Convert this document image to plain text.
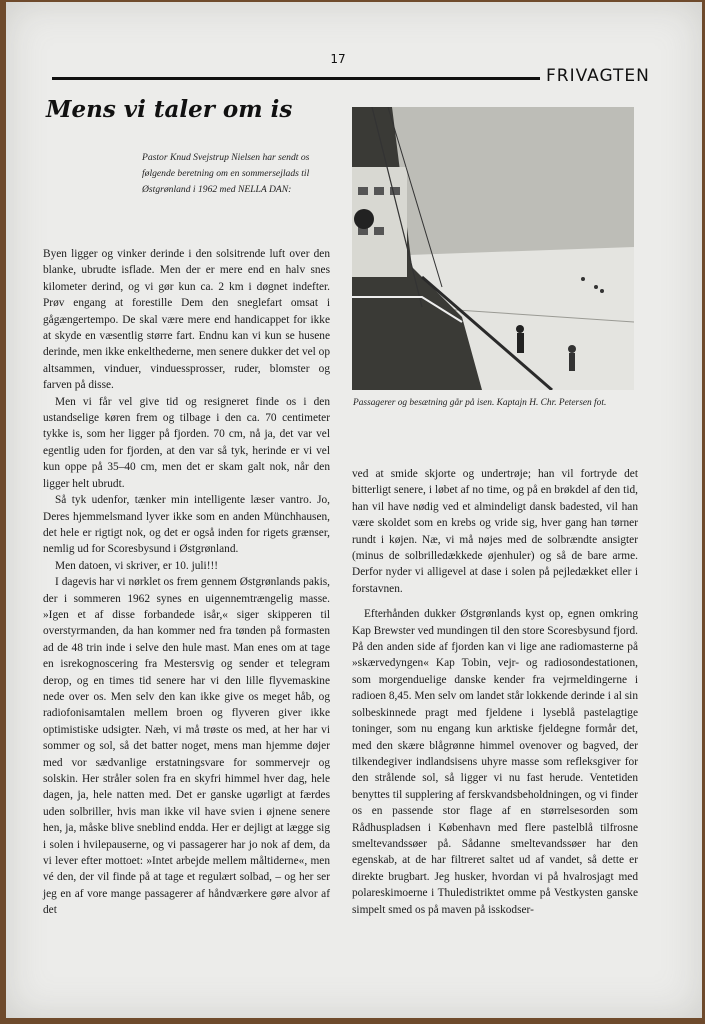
17
FRIVAGTEN
Mens vi taler om is

Pastor Knud Svejstrup Nielsen har sendt os følgende beretning om en sommersejlads til Østgrønland i 1962 med NELLA DAN:

Byen ligger og vinker derinde i den solsitrende luft over den blanke, ubrudte isflade. Men der er mere end en halv snes kilometer derind, og vi gør kun ca. 2 km i døgnet indefter. Prøv engang at forestille Dem den sneglefart omsat i gågængertempo. De skal være mere end handicappet for ikke at skyde en væsentlig større fart. Endnu kan vi kun se husene derinde, men ikke enkelthederne, men senere dukker det vel op altsammen, vinduer, vinduessprosser, ruder, blomster og farven på disse.

Men vi får vel give tid og resigneret finde os i den ustandselige køren frem og tilbage i den ca. 70 centimeter tykke is, som her ligger på fjorden. 70 cm, nå ja, det var vel egentlig uden for fjorden, at den var så tyk, herinde er vi vel kun oppe på 35–40 cm, men det er skam galt nok, når den ligger helt ubrudt.

Så tyk udenfor, tænker min intelligente læser vantro. Jo, Deres hjemmelsmand lyver ikke som en anden Münchhausen, det hele er rigtigt nok, og det er også inden for rigets grænser, nemlig ud for Scoresbysund i Østgrønland.

Men datoen, vi skriver, er 10. juli!!!

I dagevis har vi nørklet os frem gennem Østgrønlands pakis, der i sommeren 1962 synes en uigennemtrængelig masse. »Igen et af disse forbandede isår,« siger skipperen til overstyrmanden, da han kommer ned fra tønden på formasten ad de 48 trin inde i selve den hule mast. Man enes om at tage en isrekognoscering fra Mestersvig og sender et telegram derop, og en times tid senere har vi den lille flyvemaskine nede over os. Men selv den kan ikke give os meget håb, og radiofonisamtalen mellem broen og flyveren giver ikke optimistiske udsigter. Næh, vi må trøste os med, at her har vi sommer og sol, så det batter noget, mens man hjemme døjer med vor sædvanlige erstatningsvare for sommervejr og solskin. Her stråler solen fra en skyfri himmel hver dag, hele dagen, ja, hele natten med. Det er ganske ugørligt at færdes uden solbriller, hvis man ikke vil have svien i øjnene senere hen, ja, måske blive sneblind endda. Her er dejligt at lægge sig i solen i hvilepauserne, og vi passagerer har jo nok af dem, da vi lever efter mottoet: »Intet arbejde mellem måltiderne«, men vé den, der vil finde på at tage et regulært solbad, – og her ser jeg en af vore mange passagerer af håndværkere gøre alvor af det

Passagerer og besætning går på isen. Kaptajn H. Chr. Petersen fot.

ved at smide skjorte og undertrøje; han vil fortryde det bitterligt senere, i løbet af no time, og på en brøkdel af den tid, han vil have nødig ved et almindeligt dansk badested, vil han være skoldet som en krebs og vride sig, hver gang han tørner rundt i køjen. Næ, vi må nøjes med de solbrændte ansigter (minus de solbrilledækkede øjenhuler) og så de bare arme. Derfor nyder vi alligevel at dase i solen på pejledækket eller i forstavnen.

Efterhånden dukker Østgrønlands kyst op, egnen omkring Kap Brewster ved mundingen til den store Scoresbysund fjord. På den anden side af fjorden kan vi lige ane radiomasterne på »skærvedyngen« Kap Tobin, vejr- og radiosondestationen, som morgenduelige danske kender fra vejrmeldingerne i radioen 8,45. Men selv om landet står lokkende derinde i al sin solbeskinnede pragt med fjeldene i lyseblå pastelagtige toninger, som nu engang kun arktiske fjeldegne formår det, med den skære blågrønne himmel ovenover og bagved, der tilkendegiver indlandsisens uhyre masse som refleksgiver for den strålende sol, så ligger vi nu fast herude. Ventetiden benyttes til supplering af ferskvandsbeholdningen, og vi finder os en passende stor flage af en størrelsesorden som Rådhuspladsen i København med flere pastelblå tilfrosne smeltevandssøer på. Sådanne smeltevandssøer har den egenskab, at de har filtreret saltet ud af vandet, så dette er direkte brugbart. Jeg husker, hvordan vi på hvalrosjagt med polareskimoerne i Thuledistriktet omme på Vestkysten ganske simpelt smed os på maven på isskodser-
